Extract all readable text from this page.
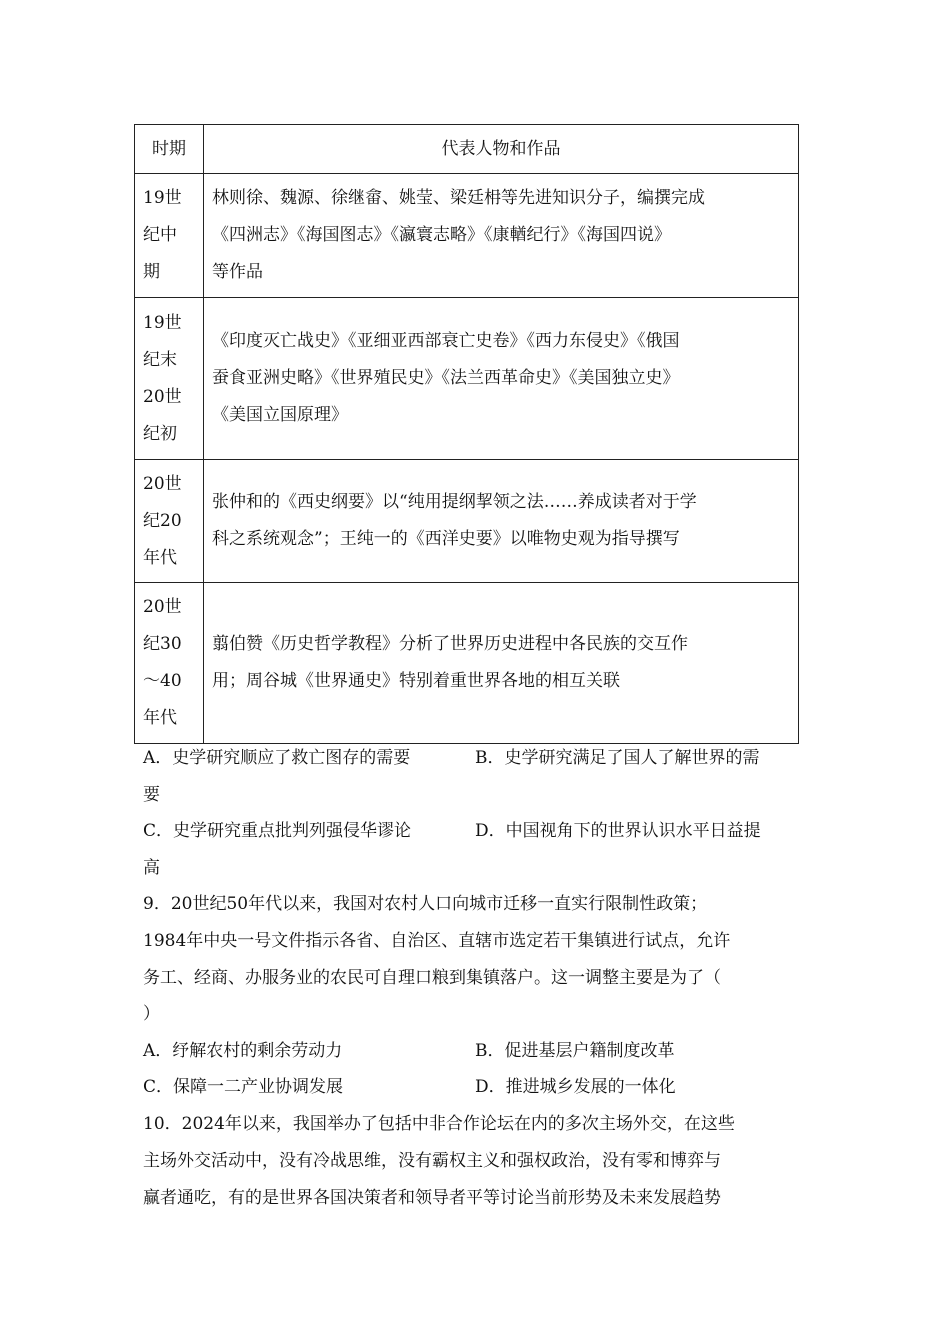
时期	代表人物和作品

19世
纪中
期	林则徐、魏源、徐继畲、姚莹、梁廷枏等先进知识分子，编撰完成
《四洲志》《海国图志》《瀛寰志略》《康輶纪行》《海国四说》
等作品

19世
纪末
20世
纪初	《印度灭亡战史》《亚细亚西部衰亡史卷》《西力东侵史》《俄国
蚕食亚洲史略》《世界殖民史》《法兰西革命史》《美国独立史》
《美国立国原理》

20世
纪20
年代	张仲和的《西史纲要》以“纯用提纲挈领之法……养成读者对于学
科之系统观念”；王纯一的《西洋史要》以唯物史观为指导撰写

20世
纪30
～40
年代	翦伯赞《历史哲学教程》分析了世界历史进程中各民族的交互作
用；周谷城《世界通史》特别着重世界各地的相互关联
A．史学研究顺应了救亡图存的需要	B．史学研究满足了国人了解世界的需
要
C．史学研究重点批判列强侵华谬论	D．中国视角下的世界认识水平日益提
高
9．20世纪50年代以来，我国对农村人口向城市迁移一直实行限制性政策；
1984年中央一号文件指示各省、自治区、直辖市选定若干集镇进行试点，允许
务工、经商、办服务业的农民可自理口粮到集镇落户。这一调整主要是为了（
）
A．纾解农村的剩余劳动力	B．促进基层户籍制度改革
C．保障一二产业协调发展	D．推进城乡发展的一体化
10．2024年以来，我国举办了包括中非合作论坛在内的多次主场外交，在这些
主场外交活动中，没有冷战思维，没有霸权主义和强权政治，没有零和博弈与
赢者通吃，有的是世界各国决策者和领导者平等讨论当前形势及未来发展趋势
